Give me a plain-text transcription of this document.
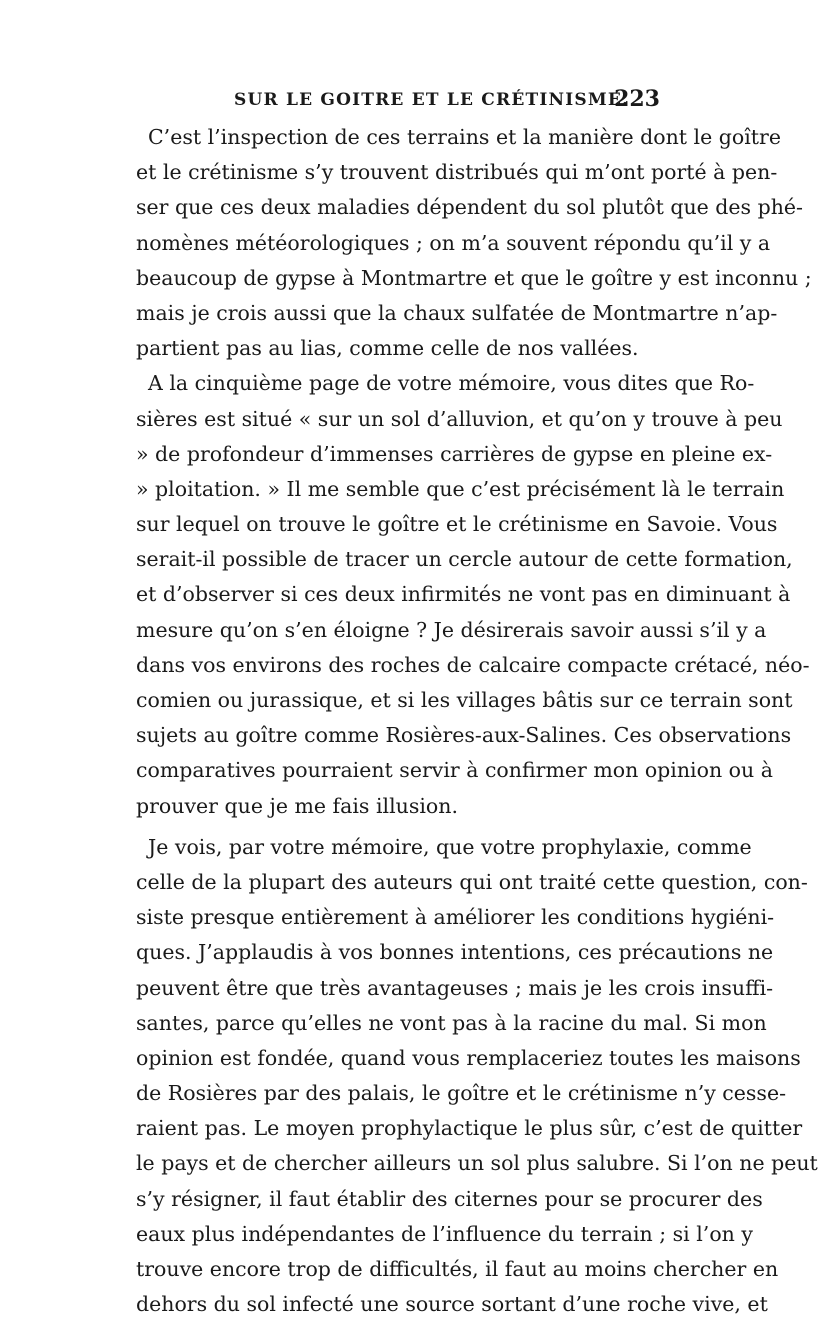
SUR LE GOITRE ET LE CRÉTINISME.
223
C’est l’inspection de ces terrains et la manière dont le goître
et le crétinisme s’y trouvent distribués qui m’ont porté à pen-
ser que ces deux maladies dépendent du sol plutôt que des phé-
nomènes météorologiques ; on m’a souvent répondu qu’il y a
beaucoup de gypse à Montmartre et que le goître y est inconnu ;
mais je crois aussi que la chaux sulfatée de Montmartre n’ap-
partient pas au lias, comme celle de nos vallées.
A la cinquième page de votre mémoire, vous dites que Ro-
sières est situé « sur un sol d’alluvion, et qu’on y trouve à peu
» de profondeur d’immenses carrières de gypse en pleine ex-
» ploitation. » Il me semble que c’est précisément là le terrain
sur lequel on trouve le goître et le crétinisme en Savoie. Vous
serait-il possible de tracer un cercle autour de cette formation,
et d’observer si ces deux infirmités ne vont pas en diminuant à
mesure qu’on s’en éloigne ? Je désirerais savoir aussi s’il y a
dans vos environs des roches de calcaire compacte crétacé, néo-
comien ou jurassique, et si les villages bâtis sur ce terrain sont
sujets au goître comme Rosières-aux-Salines. Ces observations
comparatives pourraient servir à confirmer mon opinion ou à
prouver que je me fais illusion.
Je vois, par votre mémoire, que votre prophylaxie, comme
celle de la plupart des auteurs qui ont traité cette question, con-
siste presque entièrement à améliorer les conditions hygiéni-
ques. J’applaudis à vos bonnes intentions, ces précautions ne
peuvent être que très avantageuses ; mais je les crois insuffi-
santes, parce qu’elles ne vont pas à la racine du mal. Si mon
opinion est fondée, quand vous remplaceriez toutes les maisons
de Rosières par des palais, le goître et le crétinisme n’y cesse-
raient pas. Le moyen prophylactique le plus sûr, c’est de quitter
le pays et de chercher ailleurs un sol plus salubre. Si l’on ne peut
s’y résigner, il faut établir des citernes pour se procurer des
eaux plus indépendantes de l’influence du terrain ; si l’on y
trouve encore trop de difficultés, il faut au moins chercher en
dehors du sol infecté une source sortant d’une roche vive, et
